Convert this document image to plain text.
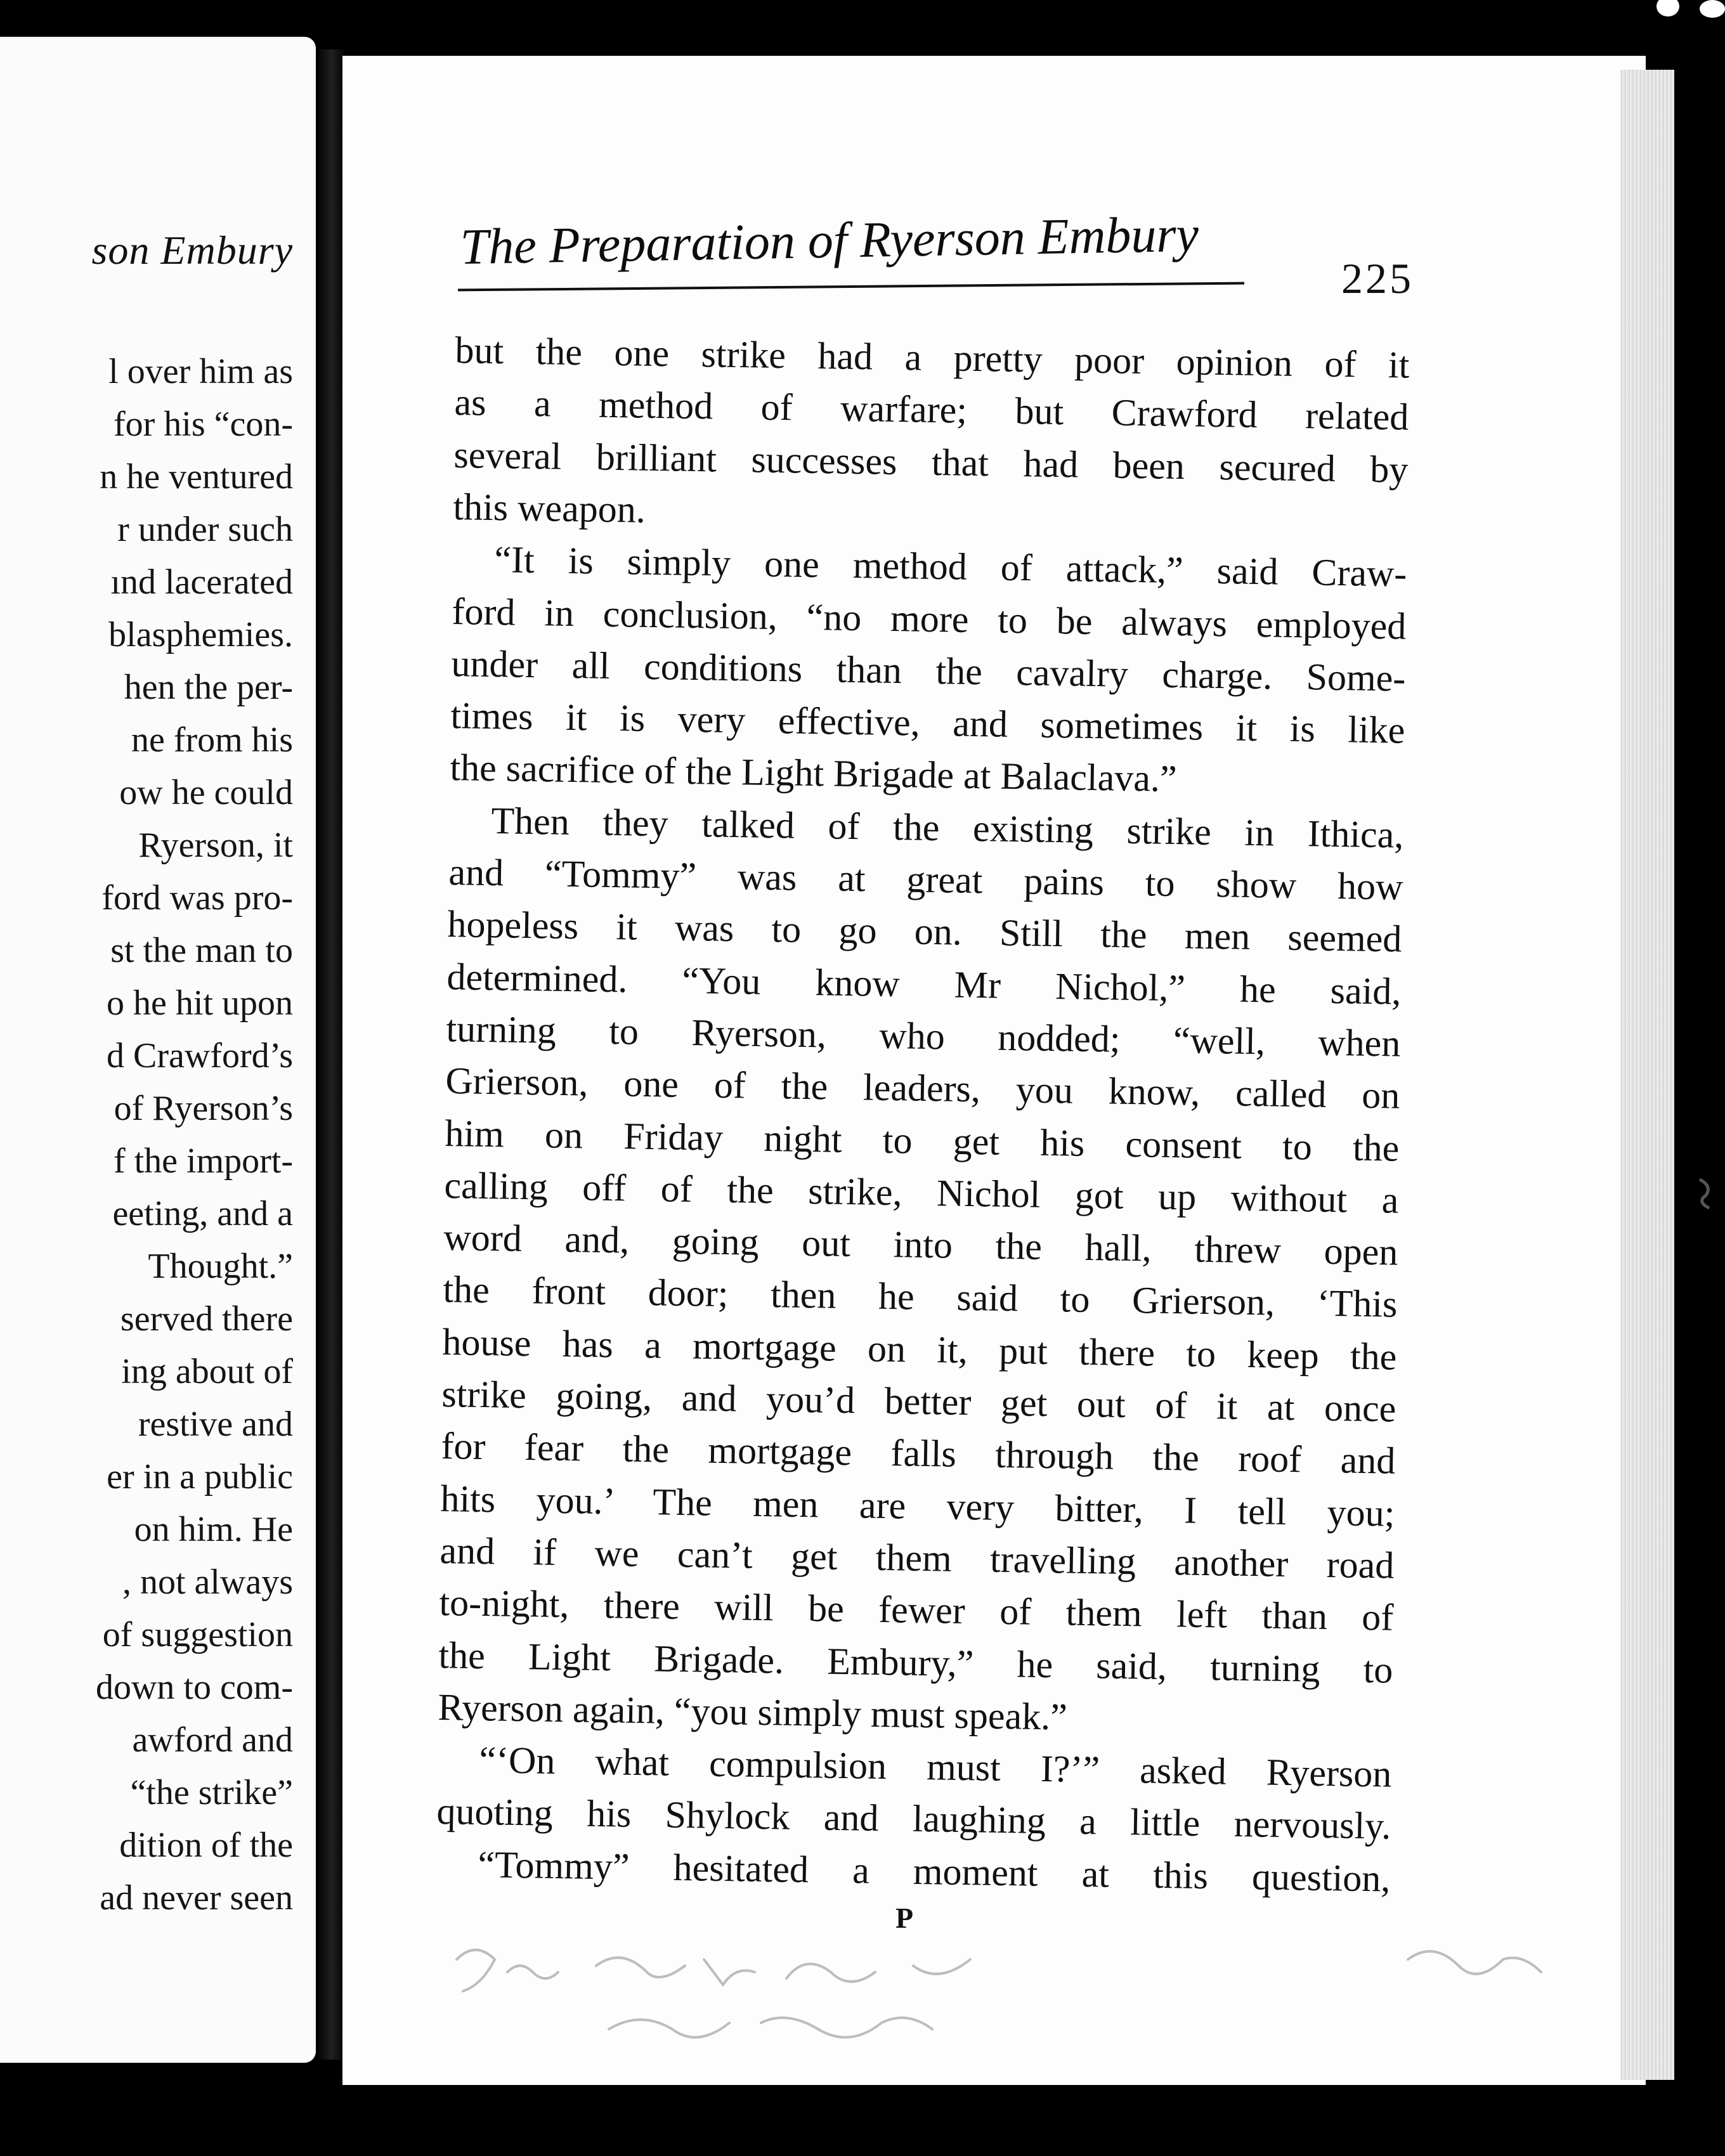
son Embury
l over him as
for his “con-
n he ventured
r under such
ınd lacerated
blasphemies.
hen the per-
ne from his
ow he could
Ryerson, it
ford was pro-
st the man to
o he hit upon
d Crawford’s
of Ryerson’s
f the import-
eeting, and a
Thought.”
served there
ing about of
restive and
er in a public
on him. He
, not always
of suggestion
down to com-
awford and
“the strike”
dition of the
ad never seen
The Preparation of Ryerson Embury
225
but the one strike had a pretty poor opinion of it
as a method of warfare; but Crawford related
several brilliant successes that had been secured by
this weapon.
“It is simply one method of attack,” said Craw-
ford in conclusion, “no more to be always employed
under all conditions than the cavalry charge. Some-
times it is very effective, and sometimes it is like
the sacrifice of the Light Brigade at Balaclava.”
Then they talked of the existing strike in Ithica,
and “Tommy” was at great pains to show how
hopeless it was to go on. Still the men seemed
determined. “You know Mr Nichol,” he said,
turning to Ryerson, who nodded; “well, when
Grierson, one of the leaders, you know, called on
him on Friday night to get his consent to the
calling off of the strike, Nichol got up without a
word and, going out into the hall, threw open
the front door; then he said to Grierson, ‘This
house has a mortgage on it, put there to keep the
strike going, and you’d better get out of it at once
for fear the mortgage falls through the roof and
hits you.’ The men are very bitter, I tell you;
and if we can’t get them travelling another road
to-night, there will be fewer of them left than of
the Light Brigade. Embury,” he said, turning to
Ryerson again, “you simply must speak.”
“‘On what compulsion must I?’” asked Ryerson
quoting his Shylock and laughing a little nervously.
“Tommy” hesitated a moment at this question,
P
